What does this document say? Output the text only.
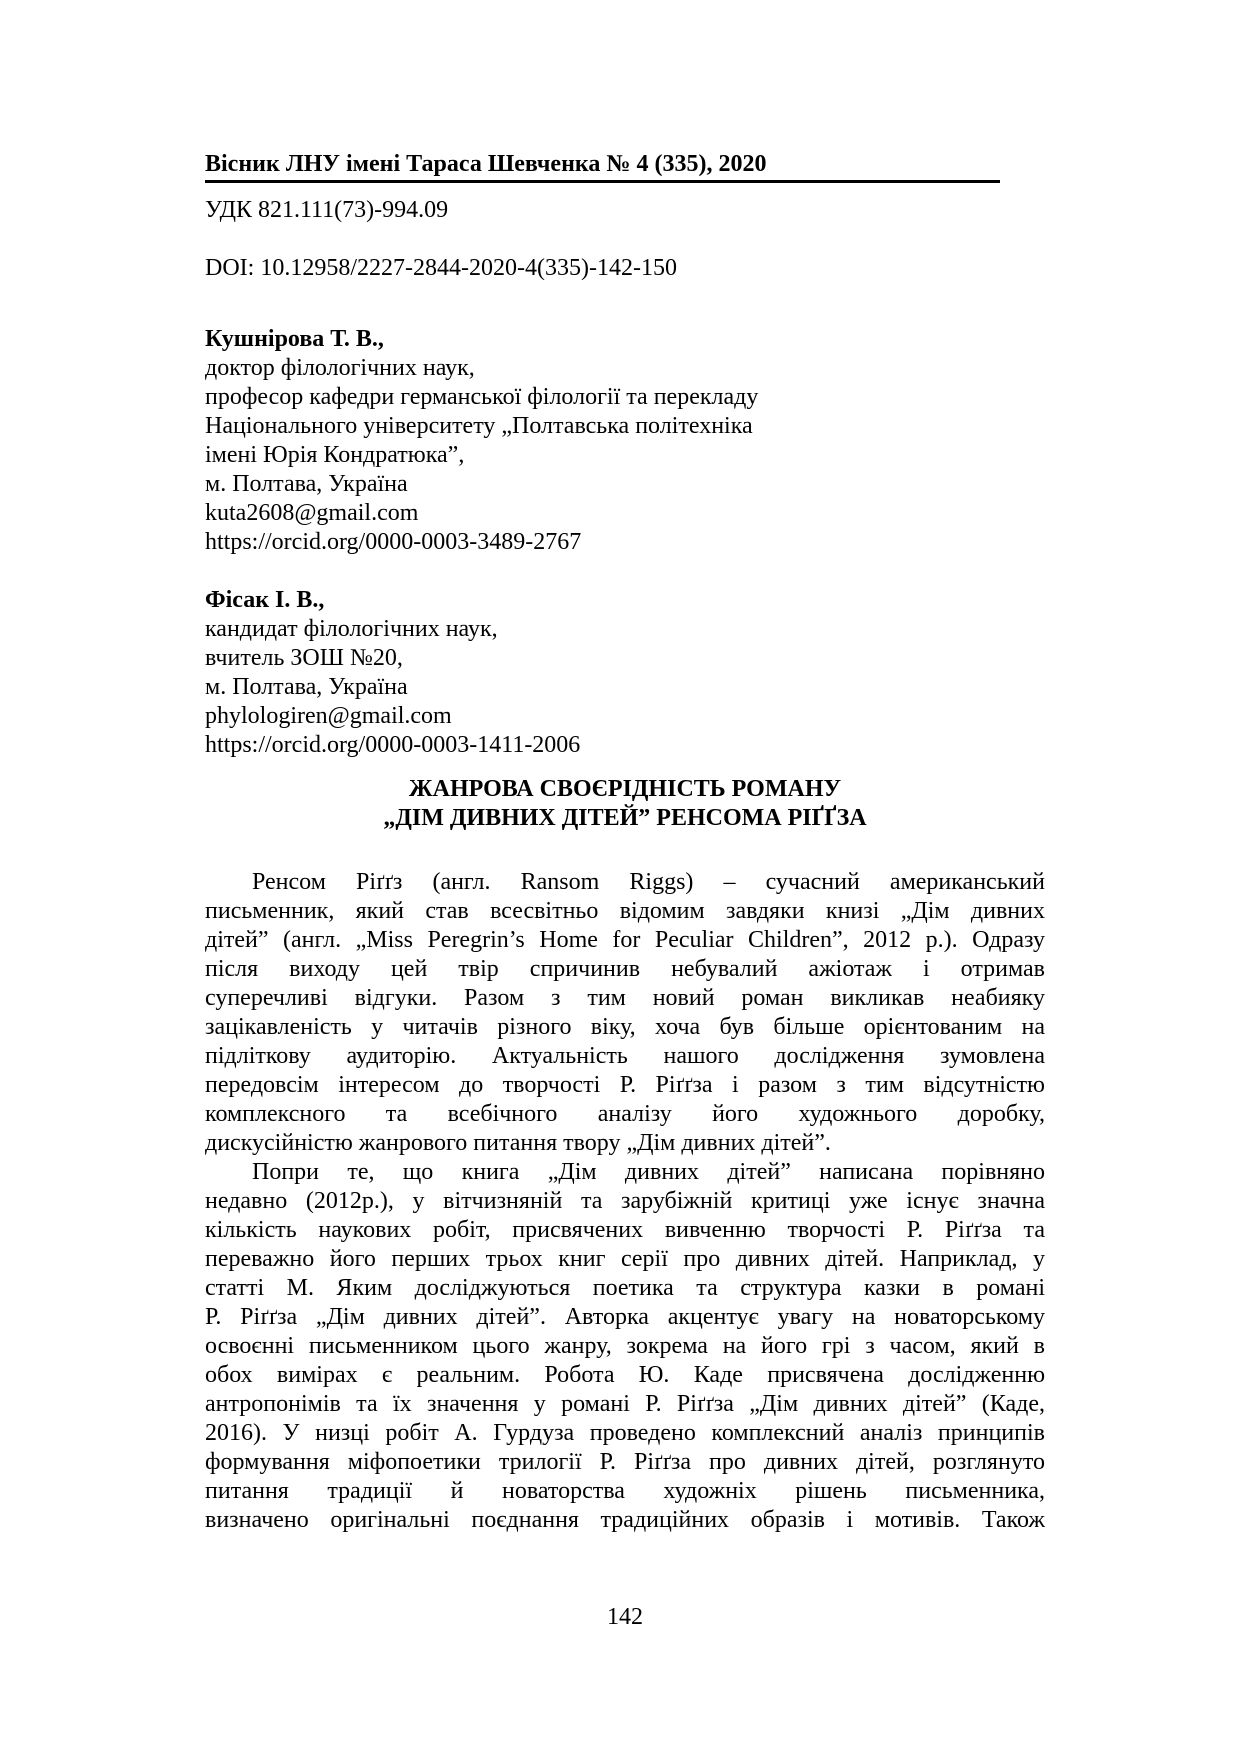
Вісник ЛНУ імені Тараса Шевченка № 4 (335), 2020
УДК 821.111(73)-994.09
DOI: 10.12958/2227-2844-2020-4(335)-142-150
Кушнірова Т. В.,
доктор філологічних наук,
професор кафедри германської філології та перекладу
Національного університету „Полтавська політехніка
імені Юрія Кондратюка”,
м. Полтава, Україна
kuta2608@gmail.com
https://orcid.org/0000-0003-3489-2767
Фісак І. В.,
кандидат філологічних наук,
вчитель ЗОШ №20,
м. Полтава, Україна
phylologiren@gmail.com
https://orcid.org/0000-0003-1411-2006
ЖАНРОВА СВОЄРІДНІСТЬ РОМАНУ
„ДІМ ДИВНИХ ДІТЕЙ” РЕНСОМА РІҐҐЗА
Ренсом Ріґґз (англ. Ransom Riggs) – сучасний американський
письменник, який став всесвітньо відомим завдяки книзі „Дім дивних
дітей” (англ. „Miss Peregrin’s Home for Peculiar Children”, 2012 р.). Одразу
після виходу цей твір спричинив небувалий ажіотаж і отримав
суперечливі відгуки. Разом з тим новий роман викликав неабияку
зацікавленість у читачів різного віку, хоча був більше орієнтованим на
підліткову аудиторію. Актуальність нашого дослідження зумовлена
передовсім інтересом до творчості Р. Ріґґза і разом з тим відсутністю
комплексного та всебічного аналізу його художнього доробку,
дискусійністю жанрового питання твору „Дім дивних дітей”.
Попри те, що книга „Дім дивних дітей” написана порівняно
недавно (2012р.), у вітчизняній та зарубіжній критиці уже існує значна
кількість наукових робіт, присвячених вивченню творчості Р. Ріґґза та
переважно його перших трьох книг серії про дивних дітей. Наприклад, у
статті М. Яким досліджуються поетика та структура казки в романі
Р. Ріґґза „Дім дивних дітей”. Авторка акцентує увагу на новаторському
освоєнні письменником цього жанру, зокрема на його грі з часом, який в
обох вимірах є реальним. Робота Ю. Каде присвячена дослідженню
антропонімів та їх значення у романі Р. Ріґґза „Дім дивних дітей” (Каде,
2016). У низці робіт А. Гурдуза проведено комплексний аналіз принципів
формування міфопоетики трилогії Р. Ріґґза про дивних дітей, розглянуто
питання традиції й новаторства художніх рішень письменника,
визначено оригінальні поєднання традиційних образів і мотивів. Також
142
